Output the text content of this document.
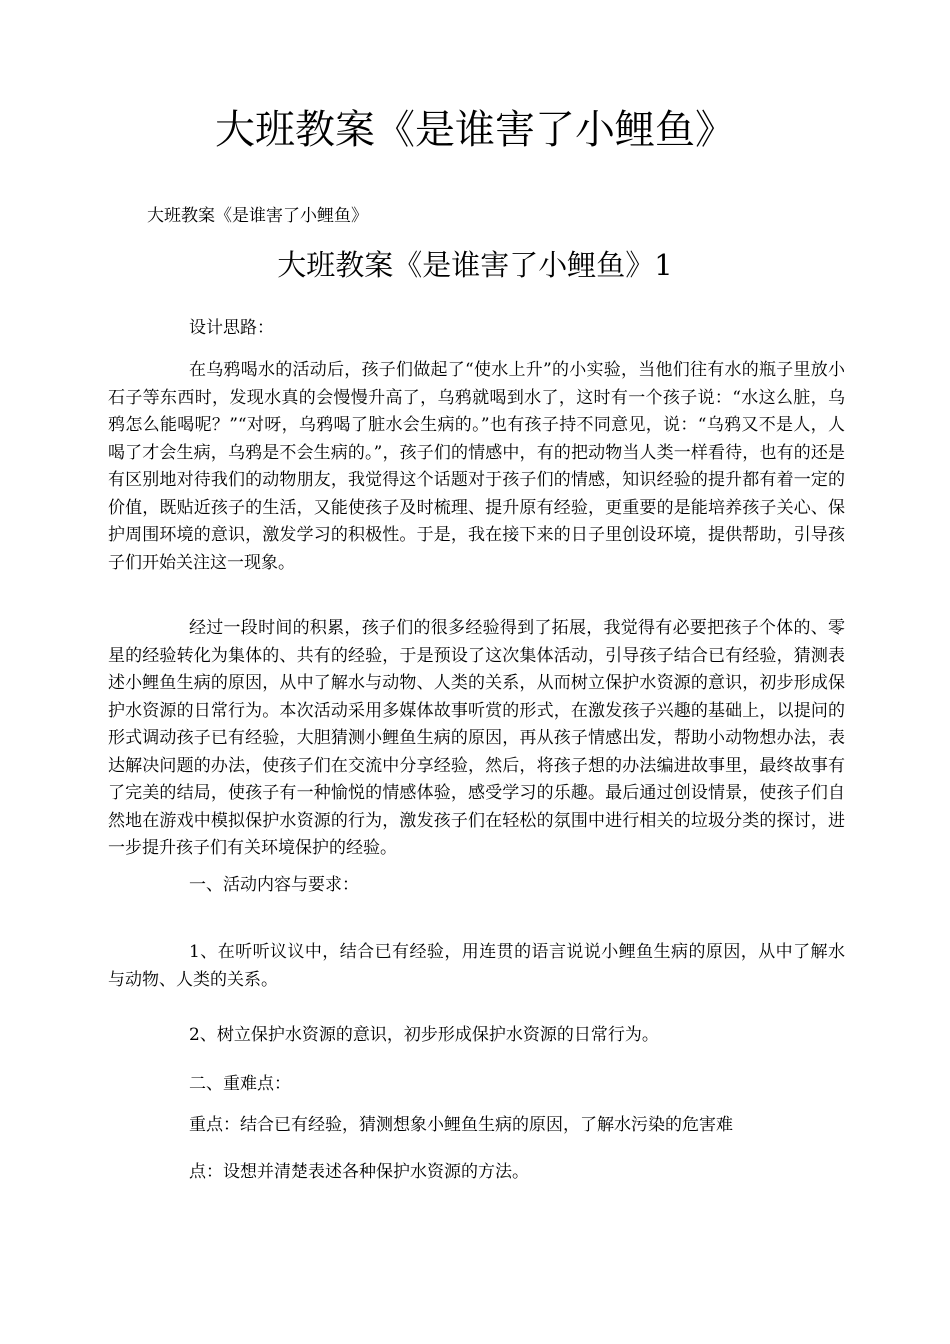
大班教案《是谁害了小鲤鱼》
大班教案《是谁害了小鲤鱼》
大班教案《是谁害了小鲤鱼》1
设计思路：

在乌鸦喝水的活动后，孩子们做起了“使水上升”的小实验，当他们往有水的瓶子里放小石子等东西时，发现水真的会慢慢升高了，乌鸦就喝到水了，这时有一个孩子说：“水这么脏，乌鸦怎么能喝呢？”“对呀，乌鸦喝了脏水会生病的。”也有孩子持不同意见，说：“乌鸦又不是人，人喝了才会生病，乌鸦是不会生病的。”，孩子们的情感中，有的把动物当人类一样看待，也有的还是有区别地对待我们的动物朋友，我觉得这个话题对于孩子们的情感，知识经验的提升都有着一定的价值，既贴近孩子的生活，又能使孩子及时梳理、提升原有经验，更重要的是能培养孩子关心、保护周围环境的意识，激发学习的积极性。于是，我在接下来的日子里创设环境，提供帮助，引导孩子们开始关注这一现象。

经过一段时间的积累，孩子们的很多经验得到了拓展，我觉得有必要把孩子个体的、零星的经验转化为集体的、共有的经验，于是预设了这次集体活动，引导孩子结合已有经验，猜测表述小鲤鱼生病的原因，从中了解水与动物、人类的关系，从而树立保护水资源的意识，初步形成保护水资源的日常行为。本次活动采用多媒体故事听赏的形式，在激发孩子兴趣的基础上，以提问的形式调动孩子已有经验，大胆猜测小鲤鱼生病的原因，再从孩子情感出发，帮助小动物想办法，表达解决问题的办法，使孩子们在交流中分享经验，然后，将孩子想的办法编进故事里，最终故事有了完美的结局，使孩子有一种愉悦的情感体验，感受学习的乐趣。最后通过创设情景，使孩子们自然地在游戏中模拟保护水资源的行为，激发孩子们在轻松的氛围中进行相关的垃圾分类的探讨，进一步提升孩子们有关环境保护的经验。

一、活动内容与要求：

1、在听听议议中，结合已有经验，用连贯的语言说说小鲤鱼生病的原因，从中了解水与动物、人类的关系。

2、树立保护水资源的意识，初步形成保护水资源的日常行为。
二、重难点：
重点：结合已有经验，猜测想象小鲤鱼生病的原因，了解水污染的危害难
点：设想并清楚表述各种保护水资源的方法。
